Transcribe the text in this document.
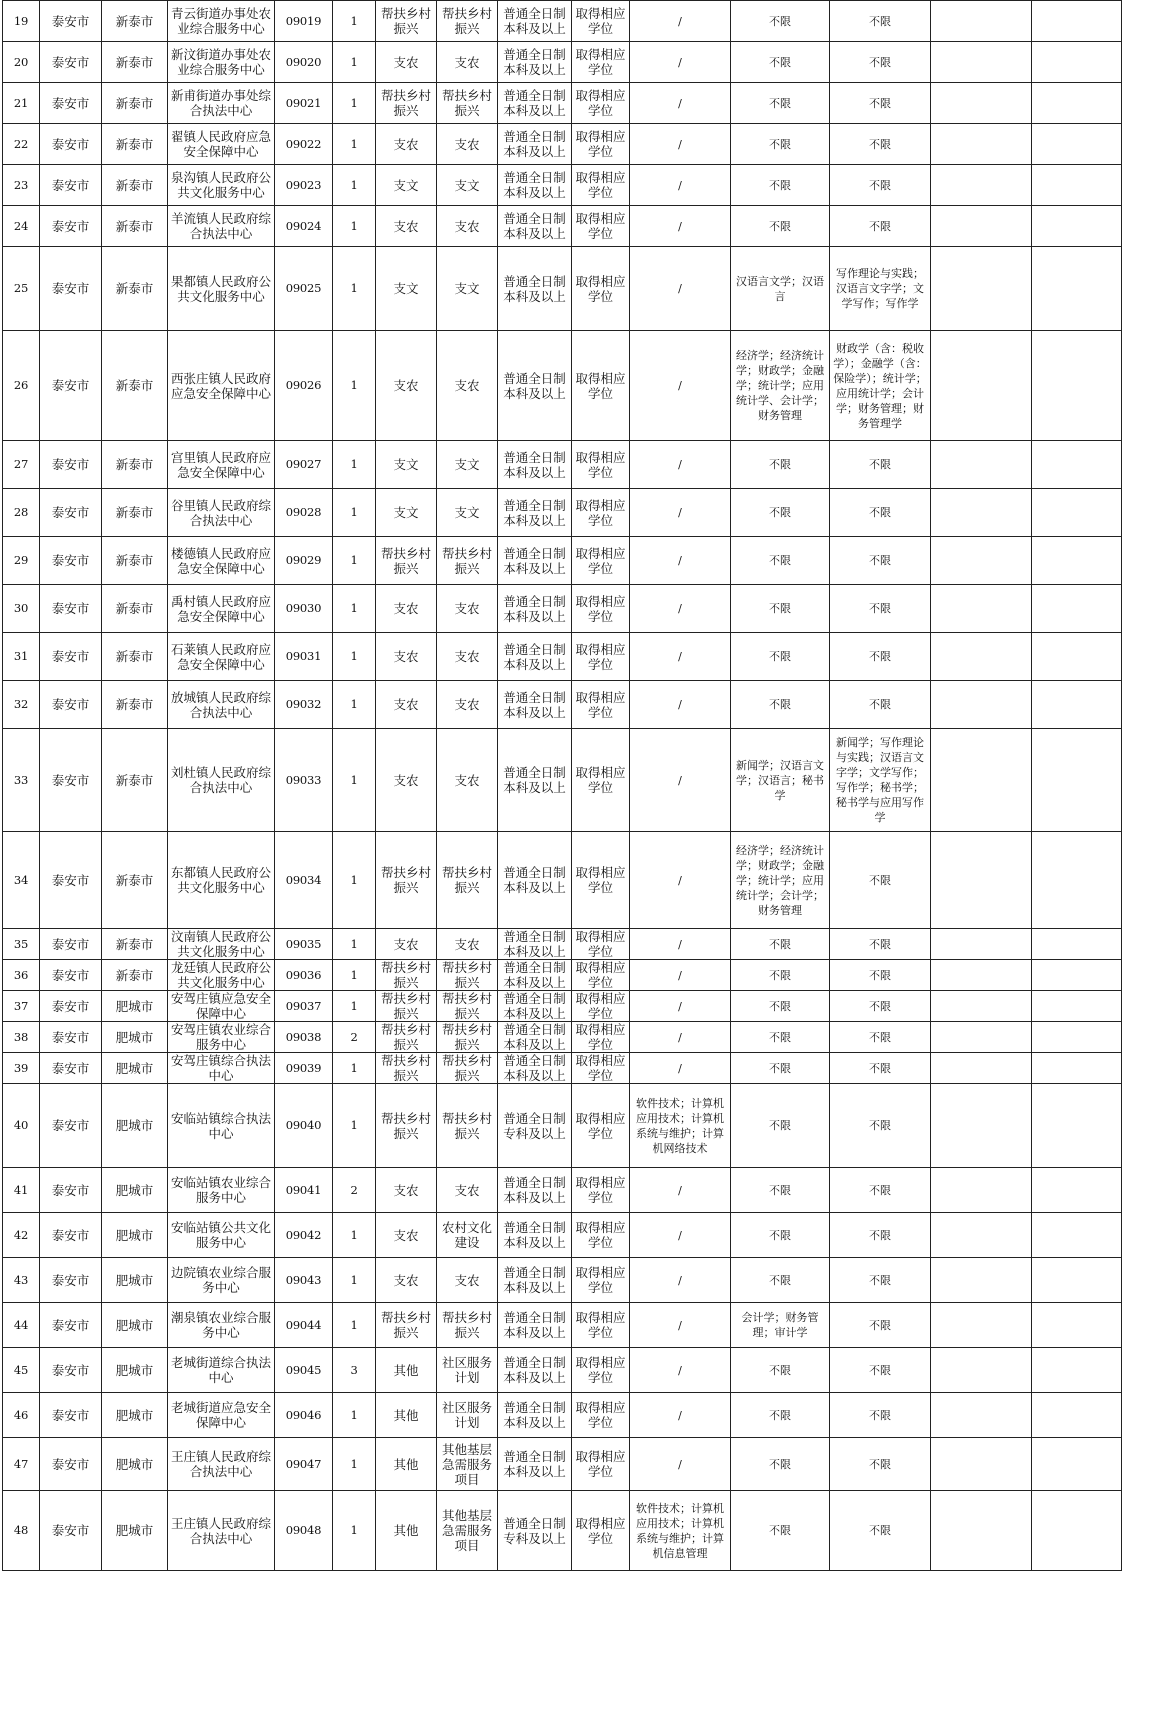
19	泰安市	新泰市	青云街道办事处农业综合服务中心	09019	1	帮扶乡村振兴	帮扶乡村振兴	普通全日制本科及以上	取得相应学位	/	不限	不限		
20	泰安市	新泰市	新汶街道办事处农业综合服务中心	09020	1	支农	支农	普通全日制本科及以上	取得相应学位	/	不限	不限		
21	泰安市	新泰市	新甫街道办事处综合执法中心	09021	1	帮扶乡村振兴	帮扶乡村振兴	普通全日制本科及以上	取得相应学位	/	不限	不限		
22	泰安市	新泰市	翟镇人民政府应急安全保障中心	09022	1	支农	支农	普通全日制本科及以上	取得相应学位	/	不限	不限		
23	泰安市	新泰市	泉沟镇人民政府公共文化服务中心	09023	1	支文	支文	普通全日制本科及以上	取得相应学位	/	不限	不限		
24	泰安市	新泰市	羊流镇人民政府综合执法中心	09024	1	支农	支农	普通全日制本科及以上	取得相应学位	/	不限	不限		
25	泰安市	新泰市	果都镇人民政府公共文化服务中心	09025	1	支文	支文	普通全日制本科及以上	取得相应学位	/	汉语言文学；汉语言	写作理论与实践；汉语言文字学；文学写作；写作学		
26	泰安市	新泰市	西张庄镇人民政府应急安全保障中心	09026	1	支农	支农	普通全日制本科及以上	取得相应学位	/	经济学；经济统计学；财政学；金融学；统计学；应用统计学、会计学；财务管理	财政学（含：税收学）；金融学（含：保险学）；统计学；应用统计学；会计学；财务管理；财务管理学		
27	泰安市	新泰市	宫里镇人民政府应急安全保障中心	09027	1	支文	支文	普通全日制本科及以上	取得相应学位	/	不限	不限		
28	泰安市	新泰市	谷里镇人民政府综合执法中心	09028	1	支文	支文	普通全日制本科及以上	取得相应学位	/	不限	不限		
29	泰安市	新泰市	楼德镇人民政府应急安全保障中心	09029	1	帮扶乡村振兴	帮扶乡村振兴	普通全日制本科及以上	取得相应学位	/	不限	不限		
30	泰安市	新泰市	禹村镇人民政府应急安全保障中心	09030	1	支农	支农	普通全日制本科及以上	取得相应学位	/	不限	不限		
31	泰安市	新泰市	石莱镇人民政府应急安全保障中心	09031	1	支农	支农	普通全日制本科及以上	取得相应学位	/	不限	不限		
32	泰安市	新泰市	放城镇人民政府综合执法中心	09032	1	支农	支农	普通全日制本科及以上	取得相应学位	/	不限	不限		
33	泰安市	新泰市	刘杜镇人民政府综合执法中心	09033	1	支农	支农	普通全日制本科及以上	取得相应学位	/	新闻学；汉语言文学；汉语言；秘书学	新闻学；写作理论与实践；汉语言文字学；文学写作；写作学；秘书学；秘书学与应用写作学		
34	泰安市	新泰市	东都镇人民政府公共文化服务中心	09034	1	帮扶乡村振兴	帮扶乡村振兴	普通全日制本科及以上	取得相应学位	/	经济学；经济统计学；财政学；金融学；统计学；应用统计学；会计学；财务管理	不限		
35	泰安市	新泰市	汶南镇人民政府公共文化服务中心	09035	1	支农	支农	普通全日制本科及以上	取得相应学位	/	不限	不限		
36	泰安市	新泰市	龙廷镇人民政府公共文化服务中心	09036	1	帮扶乡村振兴	帮扶乡村振兴	普通全日制本科及以上	取得相应学位	/	不限	不限		
37	泰安市	肥城市	安驾庄镇应急安全保障中心	09037	1	帮扶乡村振兴	帮扶乡村振兴	普通全日制本科及以上	取得相应学位	/	不限	不限		
38	泰安市	肥城市	安驾庄镇农业综合服务中心	09038	2	帮扶乡村振兴	帮扶乡村振兴	普通全日制本科及以上	取得相应学位	/	不限	不限		
39	泰安市	肥城市	安驾庄镇综合执法中心	09039	1	帮扶乡村振兴	帮扶乡村振兴	普通全日制本科及以上	取得相应学位	/	不限	不限		
40	泰安市	肥城市	安临站镇综合执法中心	09040	1	帮扶乡村振兴	帮扶乡村振兴	普通全日制专科及以上	取得相应学位	软件技术；计算机应用技术；计算机系统与维护；计算机网络技术	不限	不限		
41	泰安市	肥城市	安临站镇农业综合服务中心	09041	2	支农	支农	普通全日制本科及以上	取得相应学位	/	不限	不限		
42	泰安市	肥城市	安临站镇公共文化服务中心	09042	1	支农	农村文化建设	普通全日制本科及以上	取得相应学位	/	不限	不限		
43	泰安市	肥城市	边院镇农业综合服务中心	09043	1	支农	支农	普通全日制本科及以上	取得相应学位	/	不限	不限		
44	泰安市	肥城市	潮泉镇农业综合服务中心	09044	1	帮扶乡村振兴	帮扶乡村振兴	普通全日制本科及以上	取得相应学位	/	会计学；财务管理；审计学	不限		
45	泰安市	肥城市	老城街道综合执法中心	09045	3	其他	社区服务计划	普通全日制本科及以上	取得相应学位	/	不限	不限		
46	泰安市	肥城市	老城街道应急安全保障中心	09046	1	其他	社区服务计划	普通全日制本科及以上	取得相应学位	/	不限	不限		
47	泰安市	肥城市	王庄镇人民政府综合执法中心	09047	1	其他	其他基层急需服务项目	普通全日制本科及以上	取得相应学位	/	不限	不限		
48	泰安市	肥城市	王庄镇人民政府综合执法中心	09048	1	其他	其他基层急需服务项目	普通全日制专科及以上	取得相应学位	软件技术；计算机应用技术；计算机系统与维护；计算机信息管理	不限	不限		
